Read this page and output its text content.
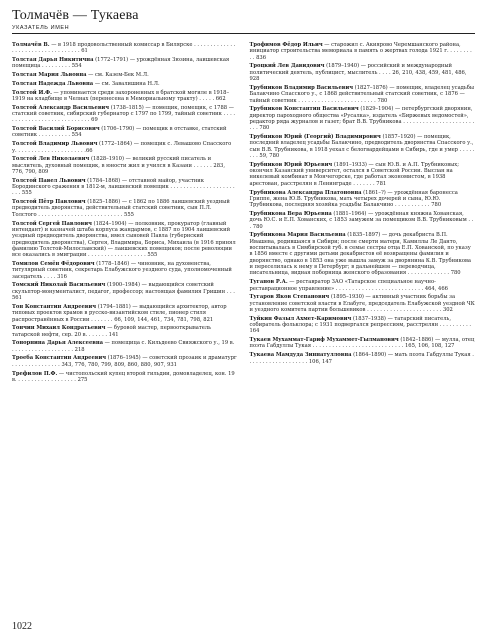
Толмачёв — Тукаева
УКАЗАТЕЛЬ ИМЕН
Толмачёв В. — в 1918 продовольственный комиссар в Билярске . . . . . . . . . . . . . . . . . . . . . . . . . . . . . . . . . . 61
Толстая Дарья Никитична (1772–1791) — урождённая Зюзина, лаишевская помещица . . . . . . . . . 554
Толстая Мария Львовна — см. Казем-Бек М.Л.
Толстая Надежда Львовна — см. Завалишина Н.Л.
Толстой И.Ф. — упоминается среди захороненных в братской могиле в 1918–1919 на кладбище в Челнах (перенесена в Мемориальному тракту) . . . . . 662
Толстой Александр Васильевич (1738–1815) — помещик, помещик, с 1788 — статский советник, сибирский губернатор с 1797 по 1799, тайный советник . . . . . . . . . . . . . . . . . . . . . . . . . . . . 69
Толстой Василий Борисович (1706–1790) — помещик в отставке, статский советник . . . . . . . . . . 554
Толстой Владимир Львович (1772–1864) — помещик с. Левашово Спасского у. . . . . . . . . . . . . . . . . . . . . .66
Толстой Лев Николаевич (1828–1910) — великий русский писатель и мыслитель, духовный помещик, в юности жил и учился в Казани . . . . . . 283, 776, 790, 809
Толстой Павел Львович (1784–1868) — отставной майор, участник Бородинского сражения в 1812-м, лаишевский помещик . . . . . . . . . . . . . . . . . . . . . . . 555
Толстой Пётр Павлович (1825–1886) — с 1862 по 1886 лаишевский уездный предводитель дворянства, действительный статский советник, сын П.Л. Толстого . . . . . . . . . . . . . . . . . . . . . . . . . . 555
Толстой Сергей Павлович (1824–1904) — полковник, прокуратор (главный интендант) и казначей штаба корпуса жандармов, с 1887 по 1904 лаишевский уездный предводитель дворянства, имел сыновей Павла (губернский предводитель дворянства), Сергея, Владимира, Бориса, Михаила (в 1916 принял фамилию Толстой-Милославский) — лаишевских помещиков; после революции все оказались в эмиграции . . . . . . . . . . . . . . . . . . 555
Томилов Семён Фёдорович (1778–1846) — чиновник, на духовенства, титулярный советник, секретарь Елабужского уездного суда, уполномоченный заседатель . . . . 316
Томский Николай Васильевич (1900–1984) — выдающийся советский скульптор-монументалист, педагог, профессор; настоящая фамилия Гришин . . . 561
Тон Константин Андреевич (1794–1881) — выдающийся архитектор, автор типовых проектов храмов в русско-византийском стиле, пионер стиля распространённых в России . . . . . . . 66, 109, 144, 461, 734, 781, 798, 821
Тончин Михаил Кондратьевич — буровой мастер, первооткрыватель татарской нефти, сер. 20 в. . . . . . . 141
Тонорнина Дарья Алексеевна — помещица с. Кильдеево Свияжского у., 19 в. . . . . . . . . . . . . . . . . . . . 218
Троеба Константин Андреевич (1876–1945) — советский прозаик и драматург . . . . . . . . . . . . . . . 343, 776, 780, 799, 809, 860, 880, 907, 931
Трефилов П.Ф. — чистопольский купец второй гильдии, домовладелец, кон. 19 в. . . . . . . . . . . . . . . . . . . 275
Трофимов Фёдор Ильич — старожил с. Акиярово Черемшанского района, инициатор строительства мемориала в память о жертвах голода 1921 г. . . . . . . . . . 836
Троцкий Лев Давидович (1879–1940) — российский и международный политический деятель, публицист, мыслитель . . . . 26, 210, 438, 459, 481, 486, 928
Трубников Владимир Васильевич (1827–1876) — помещик, владелец усадьбы Балакчино Спасского у., с 1868 действительный статский советник, с 1876 — тайный советник . . . . . . . . . . . . . . . . . . . . . . . . 780
Трубников Константин Васильевич (1829–1904) — петербургский дворянин, директор пароходного общества «Русалка», издатель «Биржевых ведомостей», редактор ряда журналов и газет; брат В.В. Трубникова . . . . . . . . . . . . . . . . . . . . . . . . . 780
Трубников Юрий (Георгий) Владимирович (1857–1920) — помещик, последний владелец усадьбы Балакчино, предводитель дворянства Спасского у., сын В.В. Трубникова, в 1918 уехал с белогвардейцами в Сибирь, где и умер . . . . . . . . 59, 780
Трубников Юрий Юрьевич (1891–1933) — сын Ю.В. и А.П. Трубниковых; окончил Казанский университет, остался в Советской России. Выслан на никелевый комбинат в Мончегорске, где работал экономистом, в 1938 арестован, расстрелян в Ленинграде . . . . . . . 781
Трубникова Александра Платоновна (1861–?) — урождённая баронесса Гриппе, жена Ю.В. Трубникова, мать четырех дочерей и сына, Ю.Ю. Трубникова, последняя хозяйка усадьбы Балакчино . . . . . . . . . . . 780
Трубникова Вера Юрьевна (1881–1964) — урождённая княжна Хованская, дочь Ю.С. и Е.П. Хованских, с 1853 замужем за помещиком В.В. Трубниковым . . . 780
Трубникова Мария Васильевна (1835–1897) — дочь декабриста В.П. Ивашева, родившаяся в Сибири; после смерти матери, Камиллы Ле Данто, воспитывалась в Симбирской губ. в семье сестры отца Е.П. Хованской, по указу в 1856 вместе с другими детьми декабристов её возвращены фамилия и дворянство, однако в 1853 она уже вышла замуж за дворянина К.В. Трубникова и переселилась к нему в Петербург; в дальнейшем — переводчица, писательница, видная поборница женского образования . . . . . . . . . . . . . 780
Туганов Р.А. — реставратор ЗАО «Татарское специальное научно-реставрационное управление» . . . . . . . . . . . . . . . . . . . . . . . . . . . 464, 466
Тугаров Яков Степанович (1895–1930) — активный участник борьбы за установление советской власти в Елабуге, председатель Елабужской уездной ЧК и уездного комитета партии большевиков . . . . . . . . . . . . . . . . . . . . . . . 302
Туйкин Фазыл Ахмет-Каримович (1837–1938) — татарский писатель, собиратель фольклора; с 1931 подвергался репрессиям, расстрелян . . . . . . . . . . 164
Тукаев Мухаммат-Гариф Мухаммет-Гылманович (1842–1886) — мулла, отец поэта Габдуллы Тукая . . . . . . . . . . . . . . . . . . . . . . . . . . . . 165, 106, 108, 127
Тукаева Мамдуда Зиннатулловна (1864–1890) — мать поэта Габдуллы Тукая . . . . . . . . . . . . . . . . . . . 106, 147
1022
